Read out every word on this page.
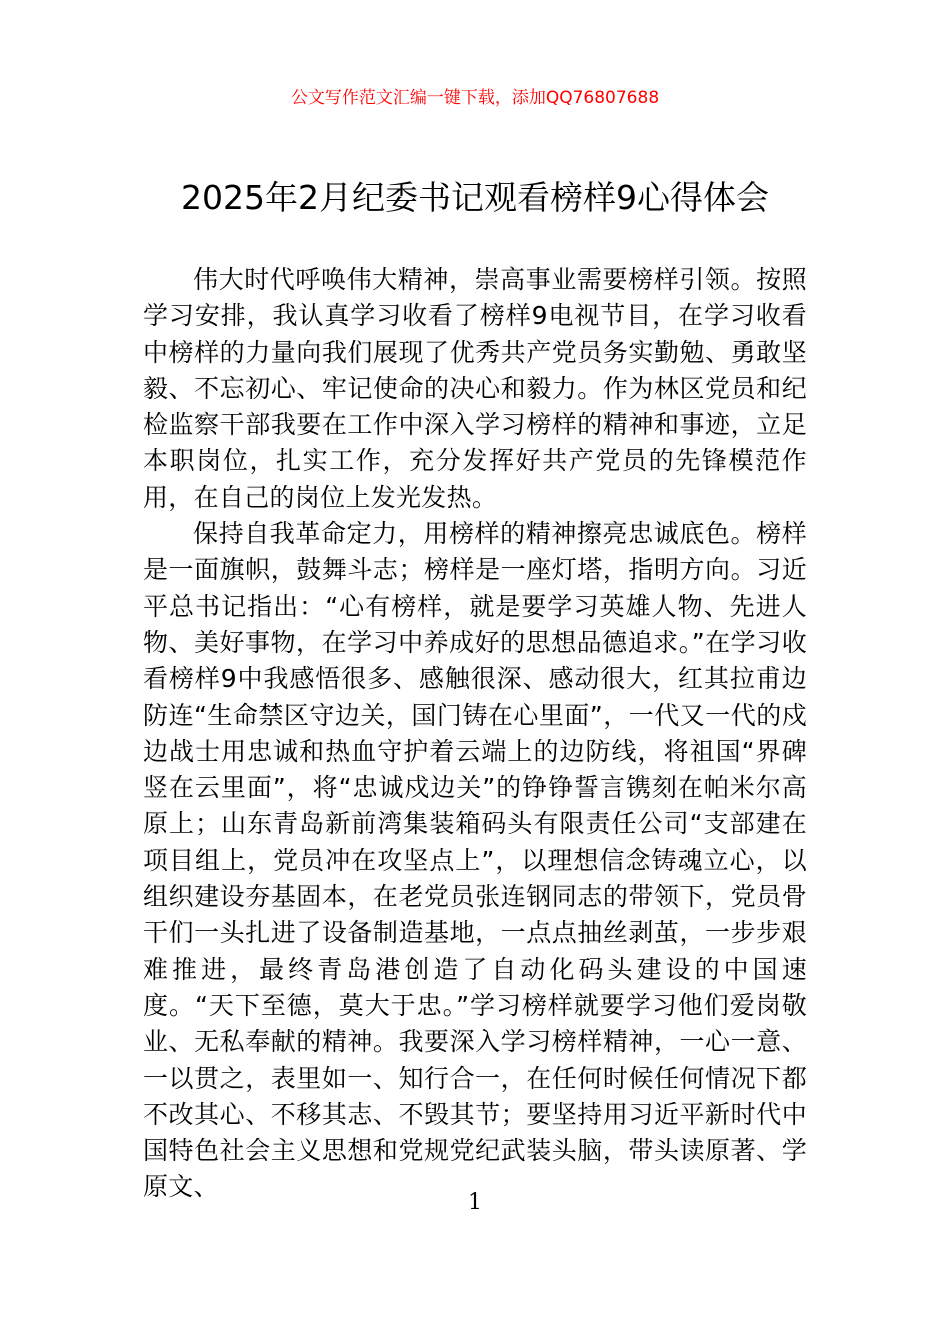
公文写作范文汇编一键下载，添加QQ76807688
2025年2月纪委书记观看榜样9心得体会

伟大时代呼唤伟大精神，崇高事业需要榜样引领。按照学习安排，我认真学习收看了榜样9电视节目，在学习收看中榜样的力量向我们展现了优秀共产党员务实勤勉、勇敢坚毅、不忘初心、牢记使命的决心和毅力。作为林区党员和纪检监察干部我要在工作中深入学习榜样的精神和事迹，立足本职岗位，扎实工作，充分发挥好共产党员的先锋模范作用，在自己的岗位上发光发热。

保持自我革命定力，用榜样的精神擦亮忠诚底色。榜样是一面旗帜，鼓舞斗志；榜样是一座灯塔，指明方向。习近平总书记指出：“心有榜样，就是要学习英雄人物、先进人物、美好事物，在学习中养成好的思想品德追求。”在学习收看榜样9中我感悟很多、感触很深、感动很大，红其拉甫边防连“生命禁区守边关，国门铸在心里面”，一代又一代的戍边战士用忠诚和热血守护着云端上的边防线，将祖国“界碑竖在云里面”，将“忠诚戍边关”的铮铮誓言镌刻在帕米尔高原上；山东青岛新前湾集装箱码头有限责任公司“支部建在项目组上，党员冲在攻坚点上”，以理想信念铸魂立心，以组织建设夯基固本，在老党员张连钢同志的带领下，党员骨干们一头扎进了设备制造基地，一点点抽丝剥茧，一步步艰难推进，最终青岛港创造了自动化码头建设的中国速度。“天下至德，莫大于忠。”学习榜样就要学习他们爱岗敬业、无私奉献的精神。我要深入学习榜样精神，一心一意、一以贯之，表里如一、知行合一，在任何时候任何情况下都不改其心、不移其志、不毁其节；要坚持用习近平新时代中国特色社会主义思想和党规党纪武装头脑，带头读原著、学原文、

1
